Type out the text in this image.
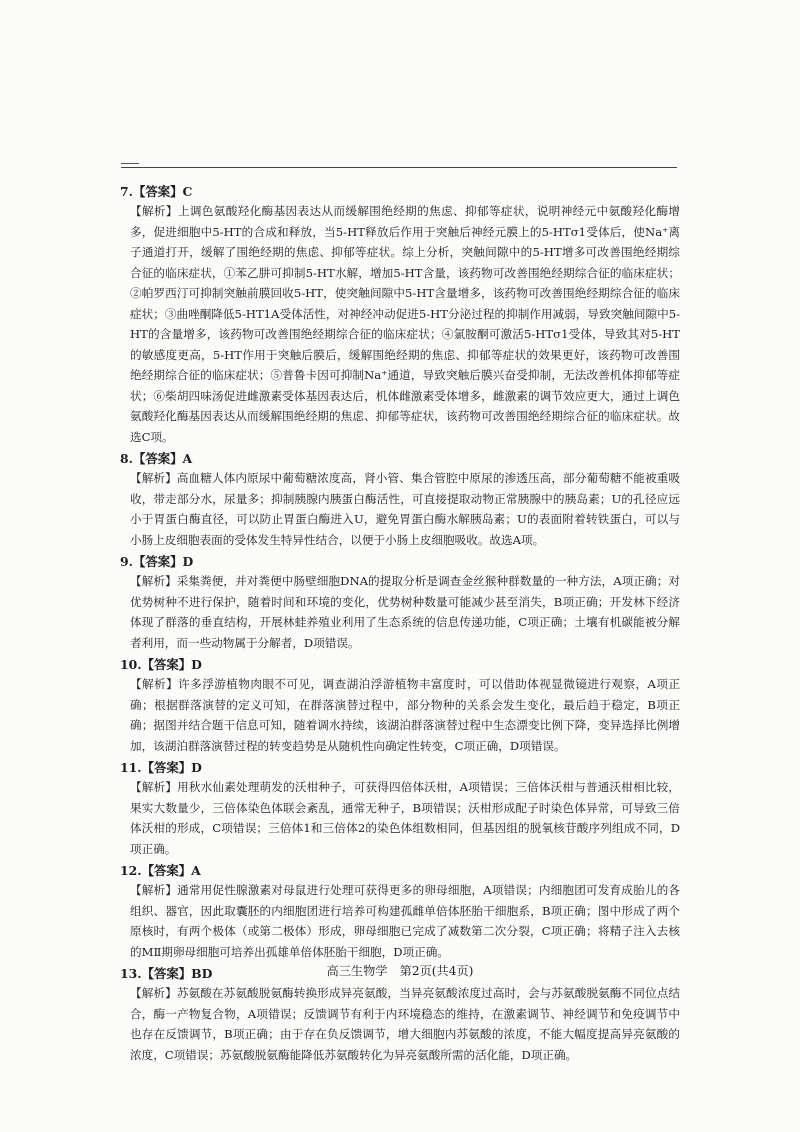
7.【答案】C

【解析】上调色氨酸羟化酶基因表达从而缓解围绝经期的焦虑、抑郁等症状，说明神经元中氨酸羟化酶增多，促进细胞中5-HT的合成和释放，当5-HT释放后作用于突触后神经元膜上的5-HTσ1受体后，使Na⁺离子通道打开，缓解了围绝经期的焦虑、抑郁等症状。综上分析，突触间隙中的5-HT增多可改善围绝经期综合征的临床症状，①苯乙肼可抑制5-HT水解，增加5-HT含量，该药物可改善围绝经期综合征的临床症状；②帕罗西汀可抑制突触前膜回收5-HT，使突触间隙中5-HT含量增多，该药物可改善围绝经期综合征的临床症状；③曲唑酮降低5-HT1A受体活性，对神经冲动促进5-HT分泌过程的抑制作用减弱，导致突触间隙中5-HT的含量增多，该药物可改善围绝经期综合征的临床症状；④氯胺酮可激活5-HTσ1受体，导致其对5-HT的敏感度更高，5-HT作用于突触后膜后，缓解围绝经期的焦虑、抑郁等症状的效果更好，该药物可改善围绝经期综合征的临床症状；⑤普鲁卡因可抑制Na⁺通道，导致突触后膜兴奋受抑制，无法改善机体抑郁等症状；⑥柴胡四味汤促进雌激素受体基因表达后，机体雌激素受体增多，雌激素的调节效应更大，通过上调色氨酸羟化酶基因表达从而缓解围绝经期的焦虑、抑郁等症状，该药物可改善围绝经期综合征的临床症状。故选C项。

8.【答案】A

【解析】高血糖人体内原尿中葡萄糖浓度高，肾小管、集合管腔中原尿的渗透压高，部分葡萄糖不能被重吸收，带走部分水，尿量多；抑制胰腺内胰蛋白酶活性，可直接提取动物正常胰腺中的胰岛素；U的孔径应远小于胃蛋白酶直径，可以防止胃蛋白酶进入U，避免胃蛋白酶水解胰岛素；U的表面附着转铁蛋白，可以与小肠上皮细胞表面的受体发生特异性结合，以便于小肠上皮细胞吸收。故选A项。

9.【答案】D

【解析】采集粪便，并对粪便中肠壁细胞DNA的提取分析是调查金丝猴种群数量的一种方法，A项正确；对优势树种不进行保护，随着时间和环境的变化，优势树种数量可能减少甚至消失，B项正确；开发林下经济体现了群落的垂直结构，开展林蛙养殖业利用了生态系统的信息传递功能，C项正确；土壤有机碳能被分解者利用，而一些动物属于分解者，D项错误。

10.【答案】D

【解析】许多浮游植物肉眼不可见，调查湖泊浮游植物丰富度时，可以借助体视显微镜进行观察，A项正确；根据群落演替的定义可知，在群落演替过程中，部分物种的关系会发生变化，最后趋于稳定，B项正确；据图并结合题干信息可知，随着调水持续，该湖泊群落演替过程中生态漂变比例下降，变异选择比例增加，该湖泊群落演替过程的转变趋势是从随机性向确定性转变，C项正确，D项错误。

11.【答案】D

【解析】用秋水仙素处理萌发的沃柑种子，可获得四倍体沃柑，A项错误；三倍体沃柑与普通沃柑相比较，果实大数量少，三倍体染色体联会紊乱，通常无种子，B项错误；沃柑形成配子时染色体异常，可导致三倍体沃柑的形成，C项错误；三倍体1和三倍体2的染色体组数相同，但基因组的脱氧核苷酸序列组成不同，D项正确。

12.【答案】A

【解析】通常用促性腺激素对母鼠进行处理可获得更多的卵母细胞，A项错误；内细胞团可发育成胎儿的各组织、器官，因此取囊胚的内细胞团进行培养可构建孤雌单倍体胚胎干细胞系，B项正确；图中形成了两个原核时，有两个极体（或第二极体）形成，卵母细胞已完成了减数第二次分裂，C项正确；将精子注入去核的MⅡ期卵母细胞可培养出孤雄单倍体胚胎干细胞，D项正确。

13.【答案】BD

【解析】苏氨酸在苏氨酸脱氨酶转换形成异亮氨酸，当异亮氨酸浓度过高时，会与苏氨酸脱氨酶不同位点结合，酶一产物复合物，A项错误；反馈调节有利于内环境稳态的维持，在激素调节、神经调节和免疫调节中也存在反馈调节，B项正确；由于存在负反馈调节，增大细胞内苏氨酸的浓度，不能大幅度提高异亮氨酸的浓度，C项错误；苏氨酸脱氨酶能降低苏氨酸转化为异亮氨酸所需的活化能，D项正确。

高三生物学　第2页(共4页)
